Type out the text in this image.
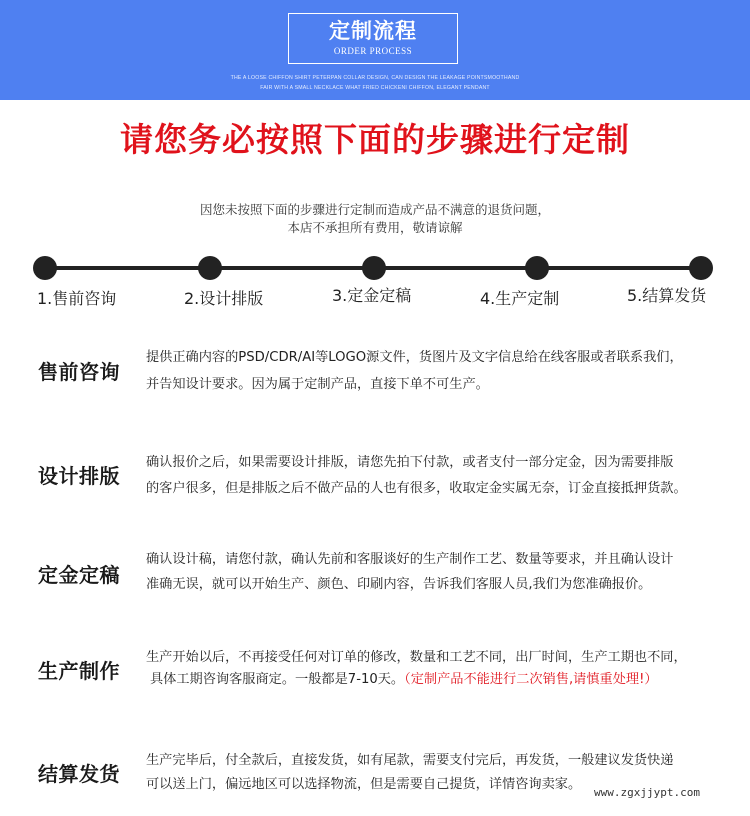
定制流程
ORDER PROCESS
THE A LOOSE CHIFFON SHIRT PETERPAN COLLAR DESIGN, CAN DESIGN THE LEAKAGE POINTSMOOTHAND
FAIR WITH A SMALL NECKLACE WHAT FRIED CHICKENI CHIFFON, ELEGANT PENDANT
请您务必按照下面的步骤进行定制
因您未按照下面的步骤进行定制而造成产品不满意的退货问题，
本店不承担所有费用，敬请谅解
1.售前咨询	2.设计排版	3.定金定稿	4.生产定制	5.结算发货
售前咨询
提供正确内容的PSD/CDR/AI等LOGO源文件，货图片及文字信息给在线客服或者联系我们，
并告知设计要求。因为属于定制产品，直接下单不可生产。
设计排版
确认报价之后，如果需要设计排版，请您先拍下付款，或者支付一部分定金，因为需要排版
的客户很多，但是排版之后不做产品的人也有很多，收取定金实属无奈，订金直接抵押货款。
定金定稿
确认设计稿，请您付款，确认先前和客服谈好的生产制作工艺、数量等要求，并且确认设计
准确无误，就可以开始生产、颜色、印刷内容，告诉我们客服人员,我们为您准确报价。
生产制作
生产开始以后，不再接受任何对订单的修改，数量和工艺不同，出厂时间，生产工期也不同，
具体工期咨询客服商定。一般都是7-10天。（定制产品不能进行二次销售,请慎重处理!）
结算发货
生产完毕后，付全款后，直接发货，如有尾款，需要支付完后，再发货，一般建议发货快递
可以送上门，偏远地区可以选择物流，但是需要自己提货，详情咨询卖家。
www.zgxjjypt.com
